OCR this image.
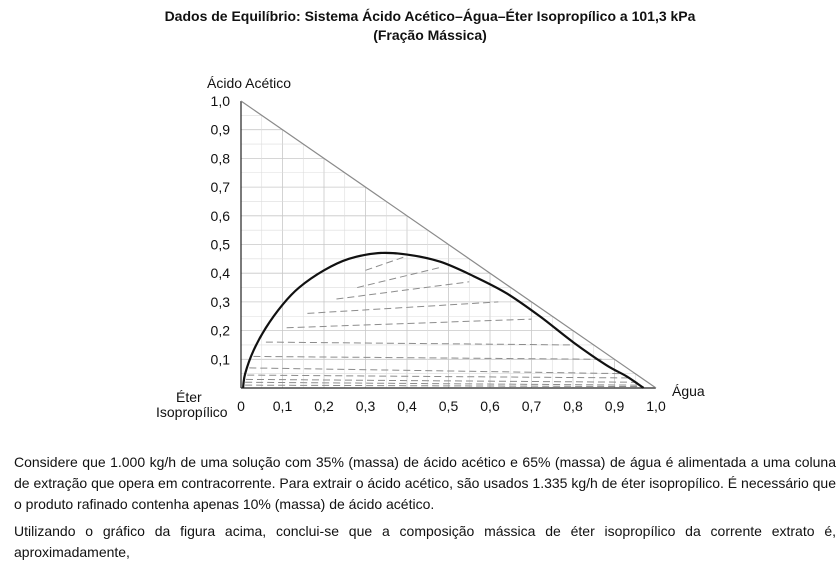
Dados de Equilíbrio: Sistema Ácido Acético–Água–Éter Isopropílico a 101,3 kPa
(Fração Mássica)
0 0,1 0,2 0,3 0,4 0,5 0,6 0,7 0,8 0,9 1,0
0,1
0,2
0,3
0,4
0,5
0,6
0,7
0,8
0,9
1,0
Ácido Acético
Água
Éter
Isopropílico

Considere que 1.000 kg/h de uma solução com 35% (massa) de ácido acético e 65% (massa) de água é alimentada a uma coluna de extração que opera em contracorrente. Para extrair o ácido acético, são usados 1.335 kg/h de éter isopropílico. É necessário que o produto rafinado contenha apenas 10% (massa) de ácido acético.

Utilizando o gráfico da figura acima, conclui-se que a composição mássica de éter isopropílico da corrente extrato é, aproximadamente,
